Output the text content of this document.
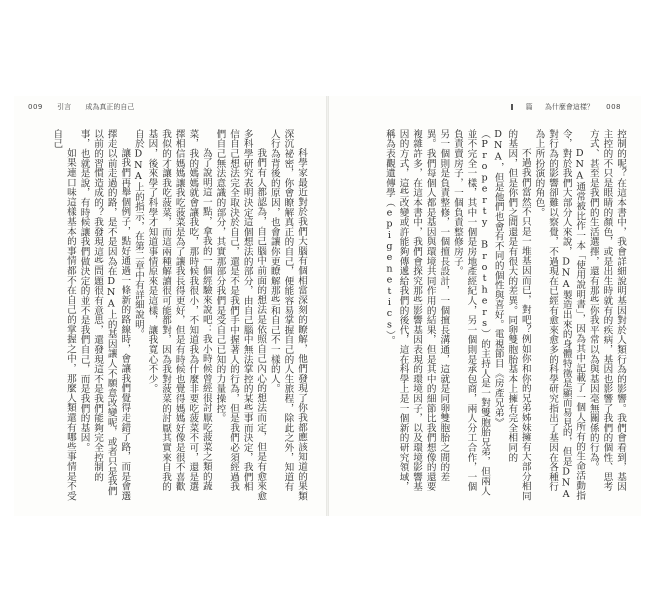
009 引言 成為真正的自己

科學家最近對於我們大腦有個相當深刻的瞭解，他們發現了你我都應該知道的果類深沉祕密，你會瞭解真正的自己，便能容易掌握自己的人生旅程，除此之外，知道有人行為背後的原因，也會讓你更瞭解那些和自己不一樣的人。

我們有人都認為，自己腦中前面的想法是依照自己內心的想法而定，但是有愈來愈多科學研究表明決定這個想法的部分，由自己腦中無法掌控的某些事而決定，我們相信自己想法完全取決於自己，還是不是我們手中握著人的行為，但是我們必須經過我們自己無法意識的部分，其實那部分我們是受自己已知的力量操控。

為了說明這一點，拿我的一個經驗來說吧：我小時候曾經很討厭吃菠菜之類的蔬菜，我的媽媽就會讓我吃，那時候我很小，不知道我為什麼非要吃菠菜不可，還是選擇相信媽媽讓我吃菠菜是為了讓我長得更好，但是有時候也覺得媽媽好像是很不喜歡我似的才讓我吃菠菜，而這兩種解讀很可能都對，因為我對菠菜的討厭其實來自我的基因，後來學了科學才知道事情原來是這樣，讓我寬心不少。

自於DNA上的指示，在第二章中有詳細說明。

讓我們再舉個例子，點好通過一條新的路線時，會讓我們覺得走錯了路，而是會選擇走以前走過的路，是不是因為在DNA上的基因讓人不願意改變呢，或者只是我們以前的習慣造成的？我發現這些問題很有意思，還發現這不是我們能夠完全控制的事，也就是說，有時候讓我們做決定的並不是我們自己，而是我們的基因。

如果連口味這樣基本的事情都不在自己的掌握之中，那麼人類還有哪些事情是不受自己

篇 為什麼會這樣？ 008

控制的呢？在這本書中，我會詳細說明基因對於人類行為的影響。我們會看到，基因主控的不只是眼睛的顏色，或是出生時就有的疾病，基因也影響了我們的個性、思考方式、甚至是我們的生活選擇，還有那些你我平常以為與基因毫無關係的行為。

DNA通常被比作一本「使用說明書」，因為其中記載了一個人所有的生命活動指令，對於我們大部分人來說，DNA製造出來的身體特徵是顯而易見的，但是DNA對行為的影響卻難以察覺，不過現在已經有愈來愈多的科學研究指出了基因在各種行為上所扮演的角色。

不過我們當然不只是一堆基因而已，對吧？例如你和你的兄弟姊妹擁有大部分相同的基因，但是你們之間還是有很大的差異。同卵雙胞胎基本上擁有完全相同的DNA，但是他們也會有不同的個性與喜好。電視節目《房產兄弟》（Property Brothers）的主持人是一對雙胞胎兄弟，但兩人並不完全一樣，其中一個是房地產經紀人，另一個則是承包商，兩人分工合作，一個負責賣房子，一個負責整修房子。

另一個則是負責整修，一個擅長設計，一個擅長溝通，這就是同卵雙胞胎之間的差異。我們每個人都是基因與環境共同作用的結果，但是其中的細節比我們想像的還要複雜許多，在這本書中，我們會探究那些影響基因表現的環境因子，以及環境影響基因的方式，這些改變或許能夠傳遞給我們的後代，這在科學上是一個新的研究領域，稱為表觀遺傳學（epigenetics）。
